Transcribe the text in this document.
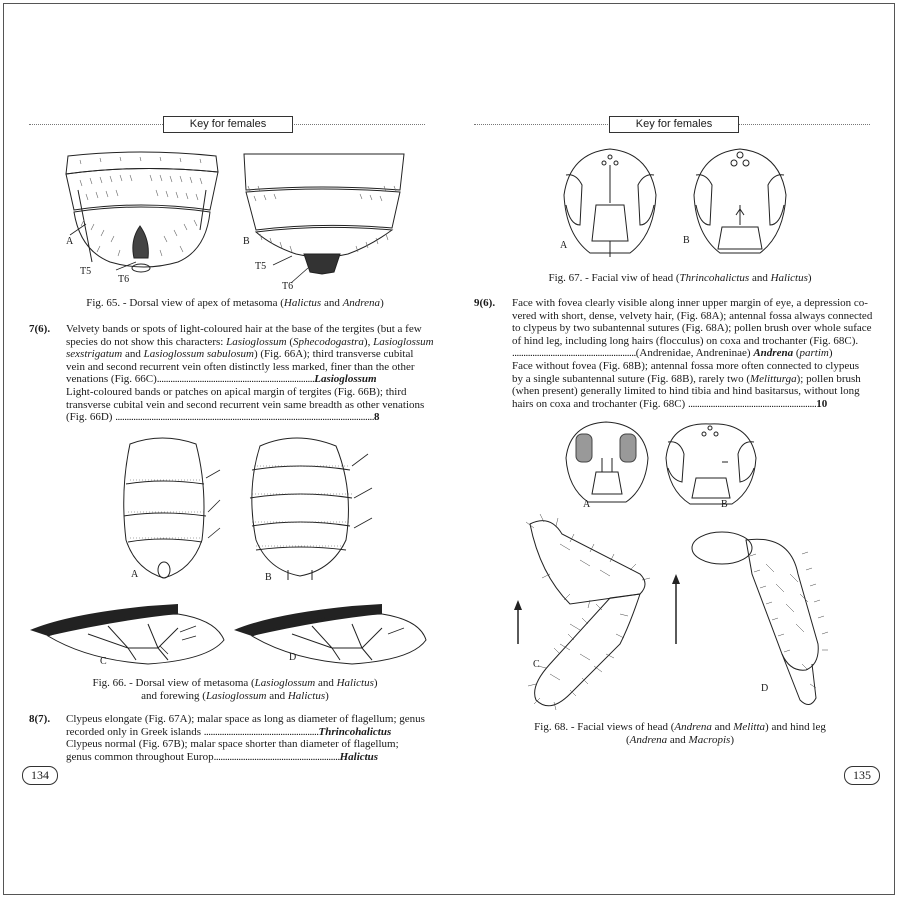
Key for females
A
T5
T6
B
T5
T6
Fig. 65. - Dorsal view of apex of metasoma (Halictus and Andrena)
7(6). Velvety bands or spots of light-coloured hair at the base of the tergites (but a few
species do not show this characters: Lasioglossum (Sphecodogastra), Lasioglossum
sexstrigatum and Lasioglossum sabulosum) (Fig. 66A); third transverse cubital
vein and second recurrent vein often distinctly less marked, finer than the other
venations (Fig. 66C)......................................................................Lasioglossum
Light-coloured bands or patches on apical margin of tergites (Fig. 66B); third
transverse cubital vein and second recurrent vein same breadth as other venations
(Fig. 66D) ...................................................................................................................8
A	B
C	D
Fig. 66. - Dorsal view of metasoma (Lasioglossum and Halictus)
and forewing (Lasioglossum and Halictus)
8(7). Clypeus elongate (Fig. 67A); malar space as long as diameter of flagellum; genus
recorded only in Greek islands ...................................................Thrincohalictus
Clypeus normal (Fig. 67B); malar space shorter than diameter of flagellum;
genus common throughout Europ........................................................Halictus
134
Key for females
A	B
Fig. 67. - Facial viw of head (Thrincohalictus and Halictus)
9(6). Face with fovea clearly visible along inner upper margin of eye, a depression co-
vered with short, dense, velvety hair, (Fig. 68A); antennal fossa always connected
to clypeus by two subantennal sutures (Fig. 68A); pollen brush over whole suface
of hind leg, including long hairs (flocculus) on coxa and trochanter (Fig. 68C).
.......................................................(Andrenidae, Andreninae) Andrena (partim)
Face without fovea (Fig. 68B); antennal fossa more often connected to clypeus
by a single subantennal suture (Fig. 68B), rarely two (Melitturga); pollen brush
(when present) generally limited to hind tibia and hind basitarsus, without long
hairs on coxa and trochanter (Fig. 68C) .........................................................10
A	B
C
D
Fig. 68. - Facial views of head (Andrena and Melitta) and hind leg
(Andrena and Macropis)
135
